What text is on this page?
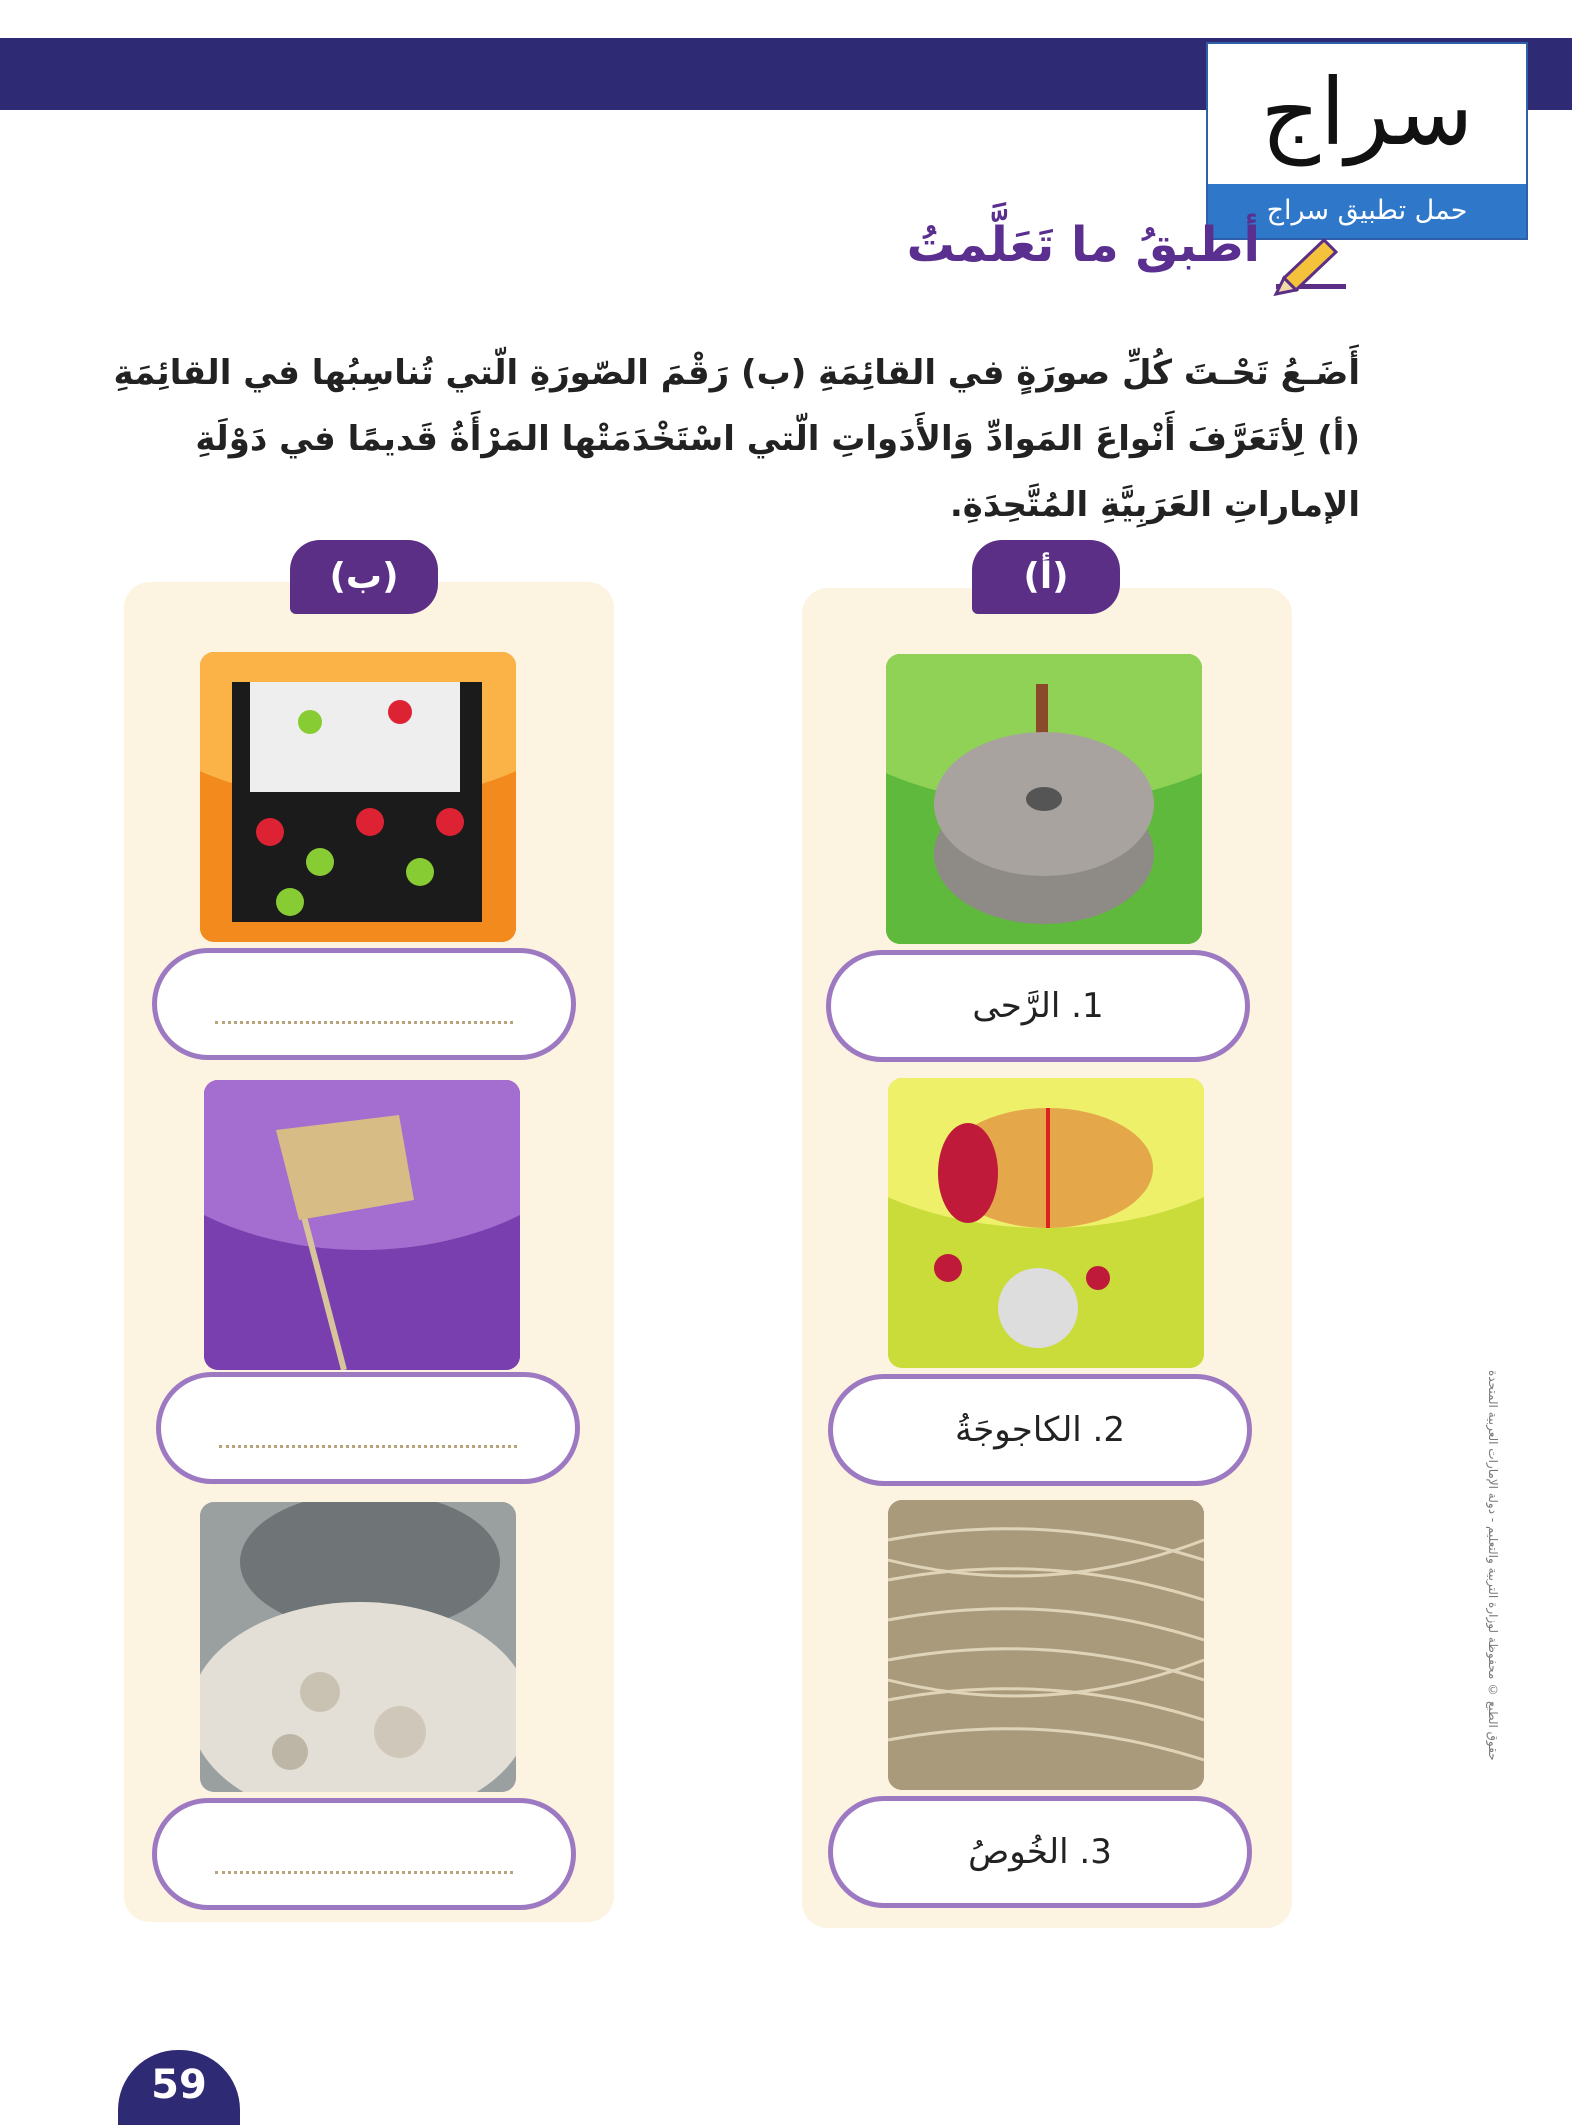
سراج
حمل تطبيق سراج
أطبقُ ما تَعَلَّمتُ
أَضَـعُ تَحْـتَ كُلِّ صورَةٍ في القائِمَةِ (ب) رَقْمَ الصّورَةِ الّتي تُناسِبُها في القائِمَةِ (أ) لِأتَعَرَّفَ أَنْواعَ المَوادِّ وَالأَدَواتِ الّتي اسْتَخْدَمَتْها المَرْأَةُ قَديمًا في دَوْلَةِ الإماراتِ العَرَبِيَّةِ المُتَّحِدَةِ.
(ب)	(أ)
1. الرَّحى
2. الكاجوجَةُ
3. الخُوصُ
حقوق الطبع © محفوظة لوزارة التربية والتعليم - دولة الإمارات العربية المتحدة
59
